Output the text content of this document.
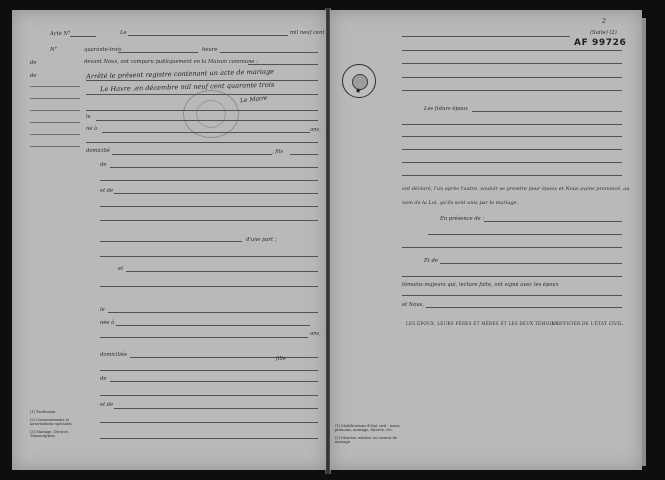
Acte N°	Le	mil neuf cent
N°	quarante-trois	heure
de	devant Nous, ont comparu publiquement en la Maison commune :
de	Arrêté le présent registre contenant un acte de mariage
Le Havre ,en décembre mil neuf cent quarante trois
Le Maire
le
né à	ans,
domicilié	, fils
de
et de
d'une part ;
et
le
née à
ans,
domiciliée
fille
de
et de
(1) Profession.
(2) Consentements et autorisations spéciales.
(3) Mariage, Divorce, Transcription
2
(Suite) (2)
AF 99726
★
Les futurs époux
ont déclaré, l'un après l'autre, vouloir se prendre pour époux et Nous avons prononcé, au
nom de la Loi, qu'ils sont unis par le mariage.
En présence de :
Et de
témoins majeurs qui, lecture faite, ont signé avec les époux
et Nous,
LES ÉPOUX, LEURS PÈRES ET MÈRES ET LES DEUX TÉMOINS.
L'OFFICIER DE L'ÉTAT CIVIL.
(1) Modifications d'état civil : noms, prénoms, mariage, divorce, etc.
(2) Mention relative au contrat de mariage.
